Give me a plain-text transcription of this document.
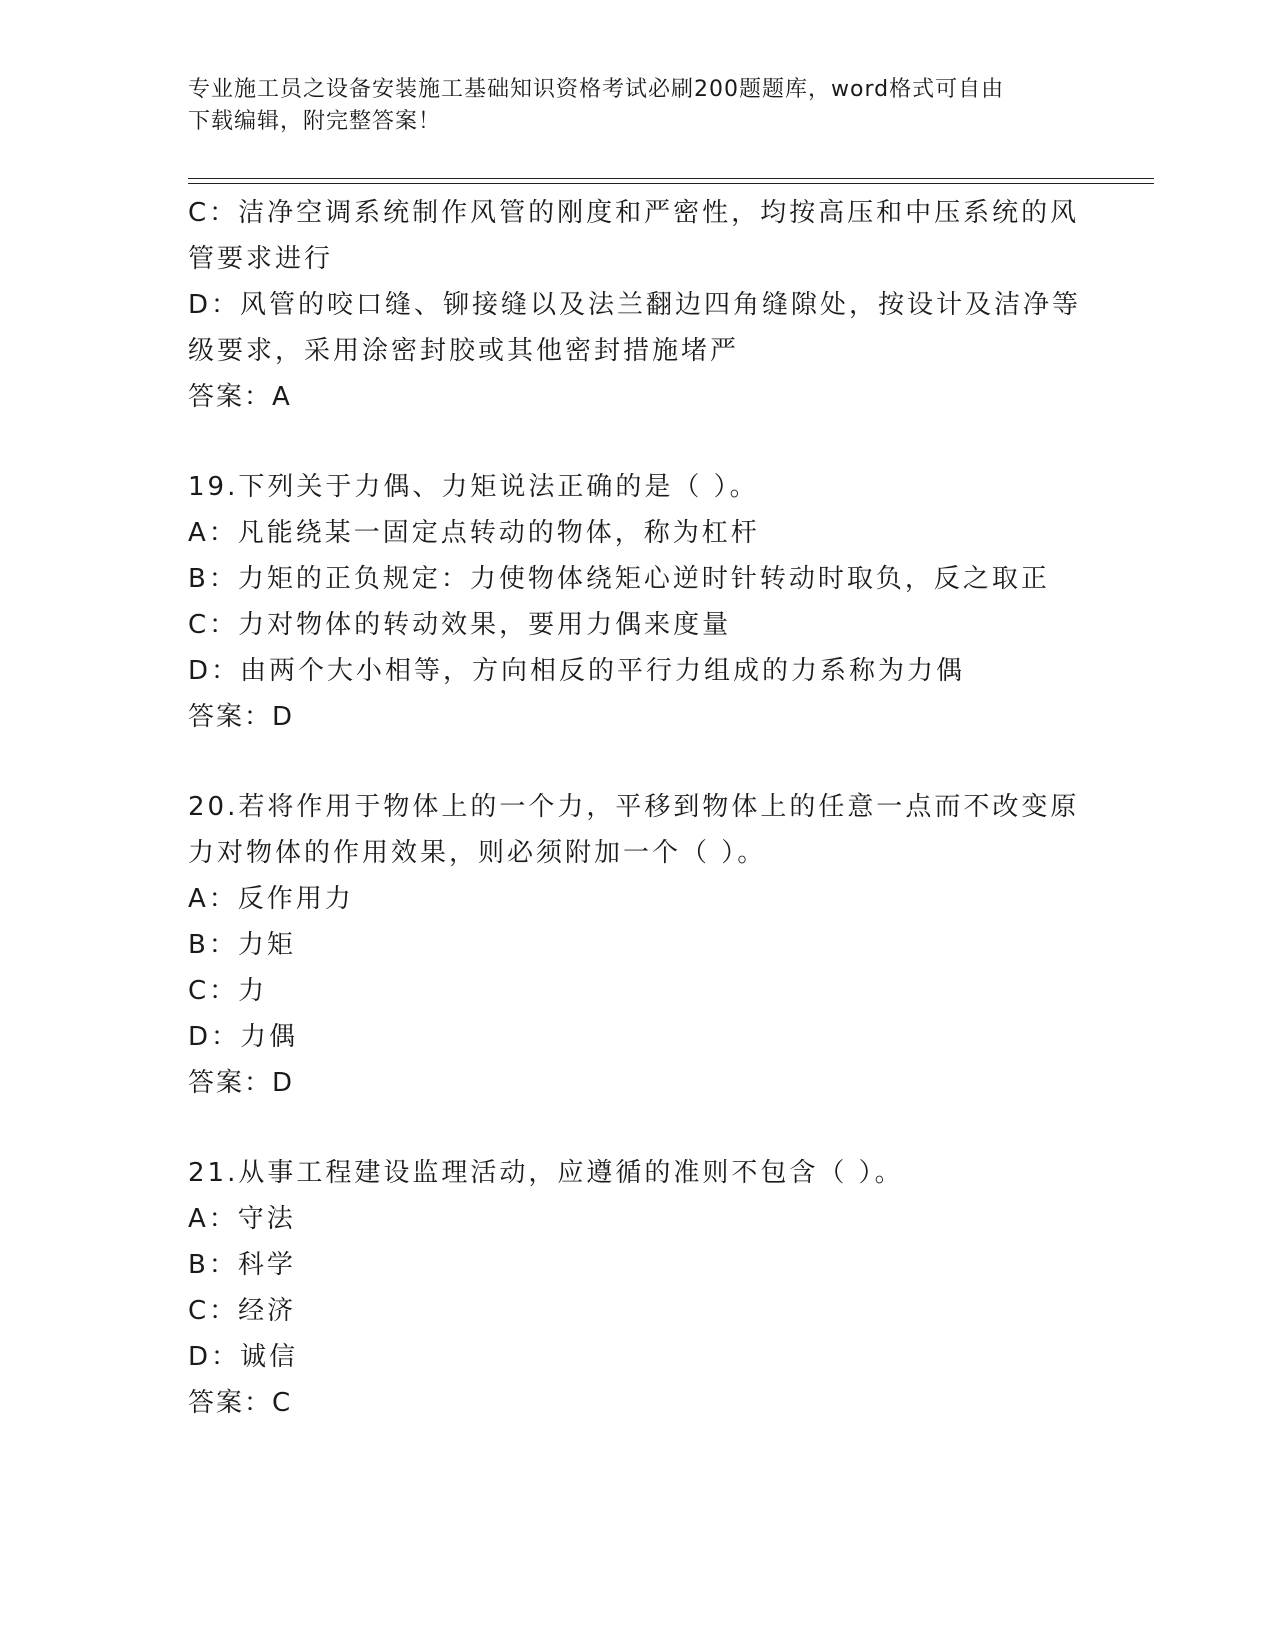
专业施工员之设备安装施工基础知识资格考试必刷200题题库，word格式可自由
下载编辑，附完整答案！
C：洁净空调系统制作风管的刚度和严密性，均按高压和中压系统的风
管要求进行
D：风管的咬口缝、铆接缝以及法兰翻边四角缝隙处，按设计及洁净等
级要求，采用涂密封胶或其他密封措施堵严
答案：A
19.下列关于力偶、力矩说法正确的是（ ）。
A：凡能绕某一固定点转动的物体，称为杠杆
B：力矩的正负规定：力使物体绕矩心逆时针转动时取负，反之取正
C：力对物体的转动效果，要用力偶来度量
D：由两个大小相等，方向相反的平行力组成的力系称为力偶
答案：D
20.若将作用于物体上的一个力，平移到物体上的任意一点而不改变原
力对物体的作用效果，则必须附加一个（ ）。
A：反作用力
B：力矩
C：力
D：力偶
答案：D
21.从事工程建设监理活动，应遵循的准则不包含（ ）。
A：守法
B：科学
C：经济
D：诚信
答案：C
